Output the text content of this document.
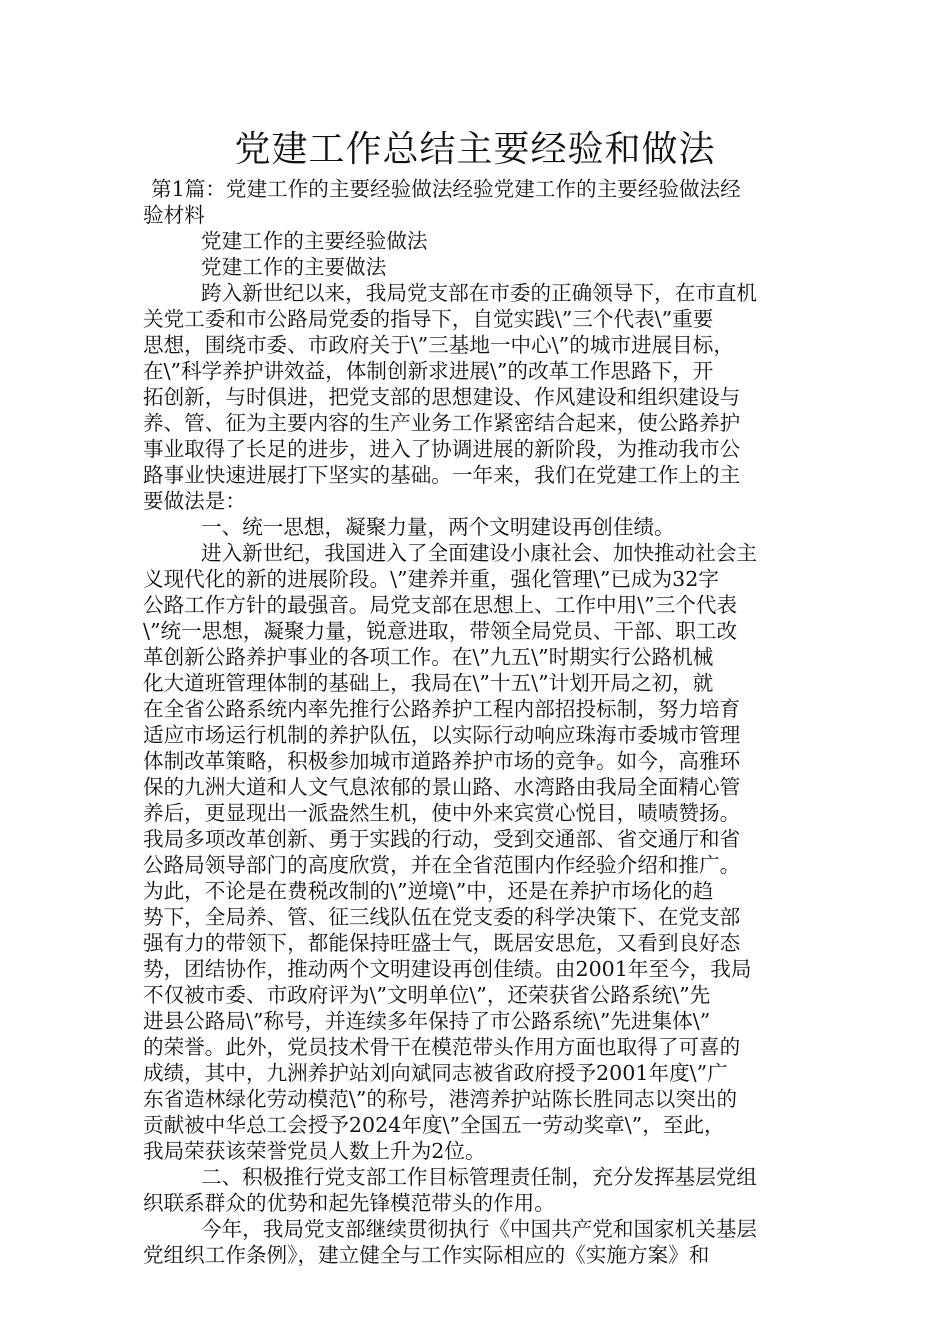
党建工作总结主要经验和做法
第1篇：党建工作的主要经验做法经验党建工作的主要经验做法经
验材料
党建工作的主要经验做法
党建工作的主要做法
跨入新世纪以来，我局党支部在市委的正确领导下，在市直机
关党工委和市公路局党委的指导下，自觉实践\”三个代表\”重要
思想，围绕市委、市政府关于\”三基地一中心\”的城市进展目标，
在\”科学养护讲效益，体制创新求进展\”的改革工作思路下，开
拓创新，与时俱进，把党支部的思想建设、作风建设和组织建设与
养、管、征为主要内容的生产业务工作紧密结合起来，使公路养护
事业取得了长足的进步，进入了协调进展的新阶段，为推动我市公
路事业快速进展打下坚实的基础。一年来，我们在党建工作上的主
要做法是：
一、统一思想，凝聚力量，两个文明建设再创佳绩。
进入新世纪，我国进入了全面建设小康社会、加快推动社会主
义现代化的新的进展阶段。\”建养并重，强化管理\”已成为32字
公路工作方针的最强音。局党支部在思想上、工作中用\”三个代表
\”统一思想，凝聚力量，锐意进取，带领全局党员、干部、职工改
革创新公路养护事业的各项工作。在\”九五\”时期实行公路机械
化大道班管理体制的基础上，我局在\”十五\”计划开局之初，就
在全省公路系统内率先推行公路养护工程内部招投标制，努力培育
适应市场运行机制的养护队伍，以实际行动响应珠海市委城市管理
体制改革策略，积极参加城市道路养护市场的竞争。如今，高雅环
保的九洲大道和人文气息浓郁的景山路、水湾路由我局全面精心管
养后，更显现出一派盎然生机，使中外来宾赏心悦目，啧啧赞扬。
我局多项改革创新、勇于实践的行动，受到交通部、省交通厅和省
公路局领导部门的高度欣赏，并在全省范围内作经验介绍和推广。
为此，不论是在费税改制的\”逆境\”中，还是在养护市场化的趋
势下，全局养、管、征三线队伍在党支委的科学决策下、在党支部
强有力的带领下，都能保持旺盛士气，既居安思危，又看到良好态
势，团结协作，推动两个文明建设再创佳绩。由2001年至今，我局
不仅被市委、市政府评为\”文明单位\”，还荣获省公路系统\”先
进县公路局\”称号，并连续多年保持了市公路系统\”先进集体\”
的荣誉。此外，党员技术骨干在模范带头作用方面也取得了可喜的
成绩，其中，九洲养护站刘向斌同志被省政府授予2001年度\”广
东省造林绿化劳动模范\”的称号，港湾养护站陈长胜同志以突出的
贡献被中华总工会授予2024年度\”全国五一劳动奖章\”，至此，
我局荣获该荣誉党员人数上升为2位。
二、积极推行党支部工作目标管理责任制，充分发挥基层党组
织联系群众的优势和起先锋模范带头的作用。
今年，我局党支部继续贯彻执行《中国共产党和国家机关基层
党组织工作条例》，建立健全与工作实际相应的《实施方案》和
